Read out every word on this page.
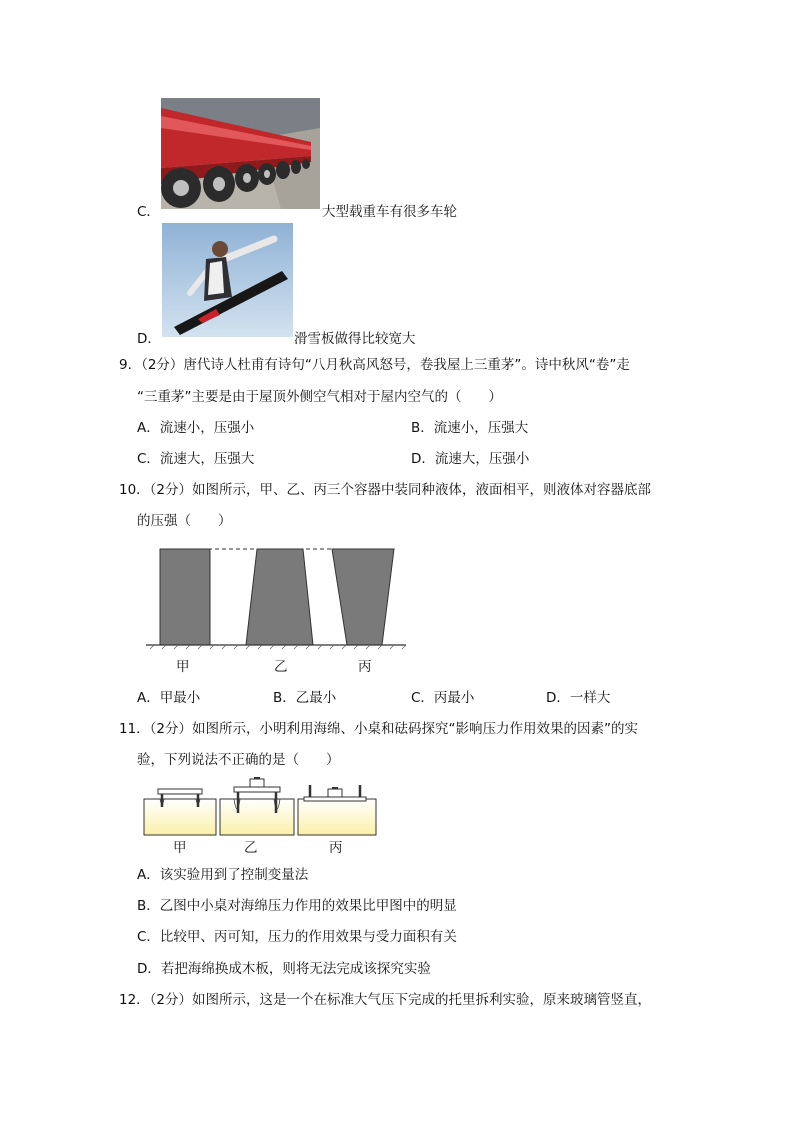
C．	大型载重车有很多车轮
D．	滑雪板做得比较宽大
9．（2分）唐代诗人杜甫有诗句“八月秋高风怒号，卷我屋上三重茅”。诗中秋风“卷”走
“三重茅”主要是由于屋顶外侧空气相对于屋内空气的（　　）
A．流速小，压强小	B．流速小，压强大
C．流速大，压强大	D．流速大，压强小
10．（2分）如图所示，甲、乙、丙三个容器中装同种液体，液面相平，则液体对容器底部
的压强（　　）
甲	乙	丙
A．甲最小	B．乙最小	C．丙最小	D．一样大
11．（2分）如图所示，小明利用海绵、小桌和砝码探究“影响压力作用效果的因素”的实
验，下列说法不正确的是（　　）
甲	乙	丙
A．该实验用到了控制变量法
B．乙图中小桌对海绵压力作用的效果比甲图中的明显
C．比较甲、丙可知，压力的作用效果与受力面积有关
D．若把海绵换成木板，则将无法完成该探究实验
12．（2分）如图所示，这是一个在标准大气压下完成的托里拆利实验，原来玻璃管竖直，
